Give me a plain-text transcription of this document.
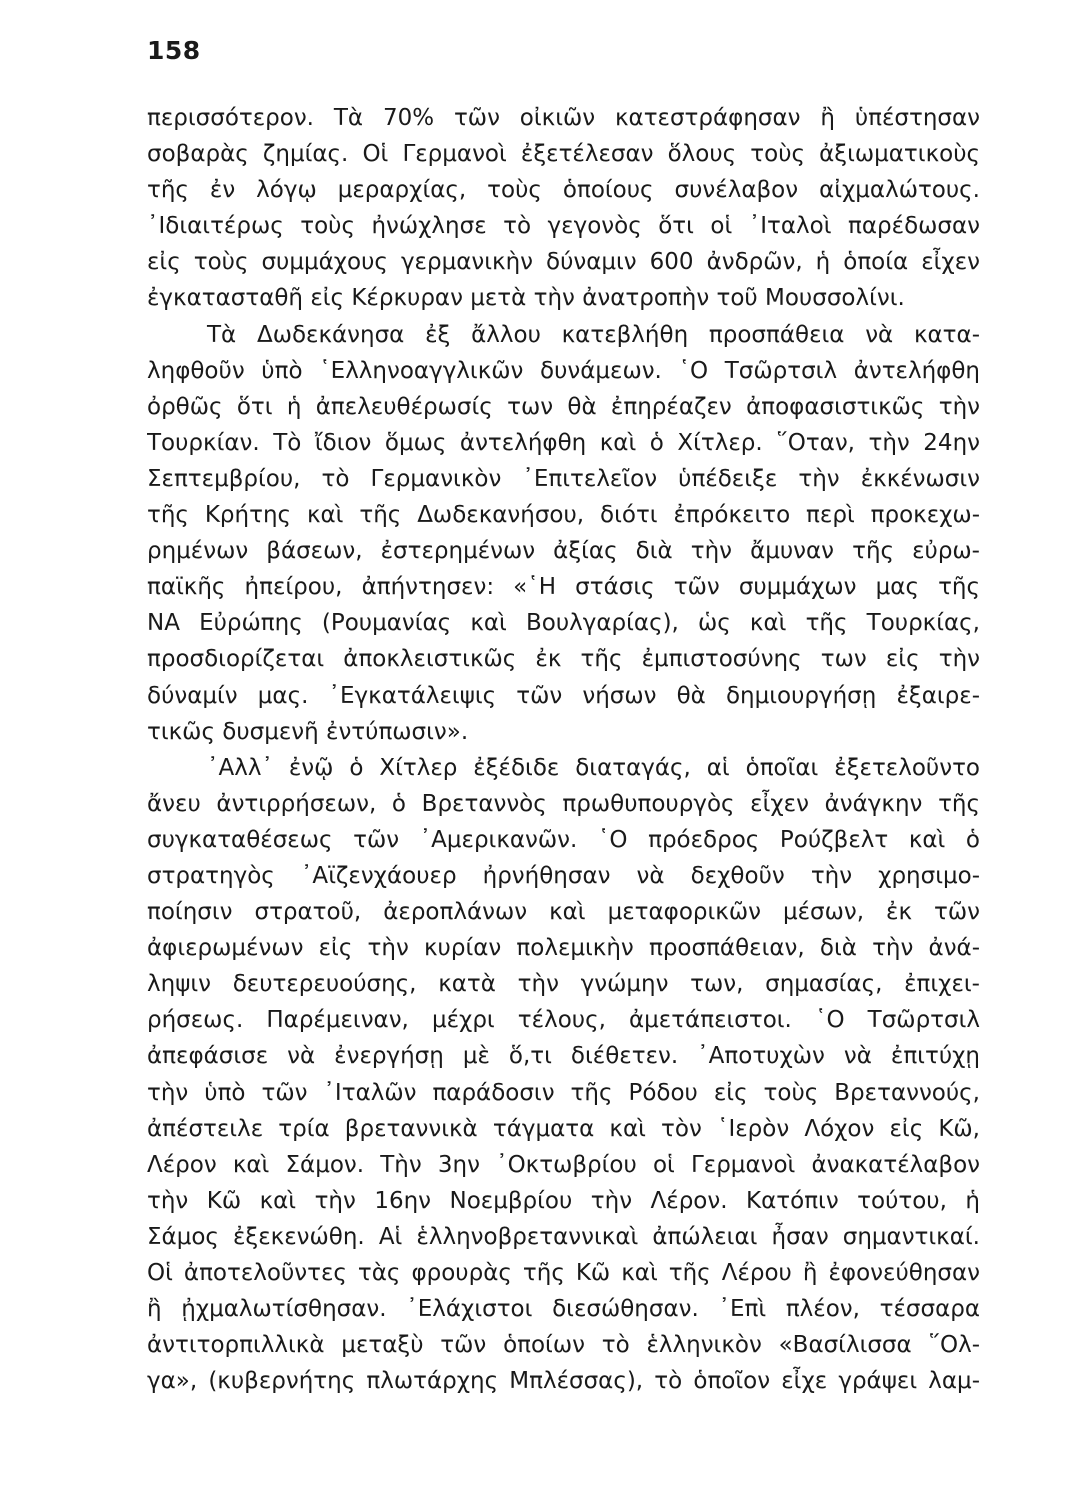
158
περισσότερον. Τὰ 70% τῶν οἰκιῶν κατεστράφησαν ἢ ὑπέστησαν
σοβαρὰς ζημίας. Οἱ Γερμανοὶ ἐξετέλεσαν ὅλους τοὺς ἀξιωματικοὺς
τῆς ἐν λόγῳ μεραρχίας, τοὺς ὁποίους συνέλαβον αἰχμαλώτους.
᾿Ιδιαιτέρως τοὺς ἠνώχλησε τὸ γεγονὸς ὅτι οἱ ᾿Ιταλοὶ παρέδωσαν
εἰς τοὺς συμμάχους γερμανικὴν δύναμιν 600 ἀνδρῶν, ἡ ὁποία εἶχεν
ἐγκατασταθῆ εἰς Κέρκυραν μετὰ τὴν ἀνατροπὴν τοῦ Μουσσολίνι.
Τὰ Δωδεκάνησα ἐξ ἄλλου κατεβλήθη προσπάθεια νὰ κατα-
ληφθοῦν ὑπὸ ῾Ελληνοαγγλικῶν δυνάμεων. ῾Ο Τσῶρτσιλ ἀντελήφθη
ὀρθῶς ὅτι ἡ ἀπελευθέρωσίς των θὰ ἐπηρέαζεν ἀποφασιστικῶς τὴν
Τουρκίαν. Τὸ ἴδιον ὅμως ἀντελήφθη καὶ ὁ Χίτλερ. ῞Οταν, τὴν 24ην
Σεπτεμβρίου, τὸ Γερμανικὸν ᾿Επιτελεῖον ὑπέδειξε τὴν ἐκκένωσιν
τῆς Κρήτης καὶ τῆς Δωδεκανήσου, διότι ἐπρόκειτο περὶ προκεχω-
ρημένων βάσεων, ἐστερημένων ἀξίας διὰ τὴν ἄμυναν τῆς εὐρω-
παϊκῆς ἠπείρου, ἀπήντησεν: «῾Η στάσις τῶν συμμάχων μας τῆς
ΝΑ Εὐρώπης (Ρουμανίας καὶ Βουλγαρίας), ὡς καὶ τῆς Τουρκίας,
προσδιορίζεται ἀποκλειστικῶς ἐκ τῆς ἐμπιστοσύνης των εἰς τὴν
δύναμίν μας. ᾿Εγκατάλειψις τῶν νήσων θὰ δημιουργήσῃ ἐξαιρε-
τικῶς δυσμενῆ ἐντύπωσιν».
᾿Αλλ᾿ ἐνῷ ὁ Χίτλερ ἐξέδιδε διαταγάς, αἱ ὁποῖαι ἐξετελοῦντο
ἄνευ ἀντιρρήσεων, ὁ Βρεταννὸς πρωθυπουργὸς εἶχεν ἀνάγκην τῆς
συγκαταθέσεως τῶν ᾿Αμερικανῶν. ῾Ο πρόεδρος Ρούζβελτ καὶ ὁ
στρατηγὸς ᾿Αϊζενχάουερ ἠρνήθησαν νὰ δεχθοῦν τὴν χρησιμο-
ποίησιν στρατοῦ, ἀεροπλάνων καὶ μεταφορικῶν μέσων, ἐκ τῶν
ἀφιερωμένων εἰς τὴν κυρίαν πολεμικὴν προσπάθειαν, διὰ τὴν ἀνά-
ληψιν δευτερευούσης, κατὰ τὴν γνώμην των, σημασίας, ἐπιχει-
ρήσεως. Παρέμειναν, μέχρι τέλους, ἀμετάπειστοι. ῾Ο Τσῶρτσιλ
ἀπεφάσισε νὰ ἐνεργήσῃ μὲ ὅ,τι διέθετεν. ᾿Αποτυχὼν νὰ ἐπιτύχῃ
τὴν ὑπὸ τῶν ᾿Ιταλῶν παράδοσιν τῆς Ρόδου εἰς τοὺς Βρεταννούς,
ἀπέστειλε τρία βρεταννικὰ τάγματα καὶ τὸν ῾Ιερὸν Λόχον εἰς Κῶ,
Λέρον καὶ Σάμον. Τὴν 3ην ᾿Οκτωβρίου οἱ Γερμανοὶ ἀνακατέλαβον
τὴν Κῶ καὶ τὴν 16ην Νοεμβρίου τὴν Λέρον. Κατόπιν τούτου, ἡ
Σάμος ἐξεκενώθη. Αἱ ἑλληνοβρεταννικαὶ ἀπώλειαι ἦσαν σημαντικαί.
Οἱ ἀποτελοῦντες τὰς φρουρὰς τῆς Κῶ καὶ τῆς Λέρου ἢ ἐφονεύθησαν
ἢ ᾐχμαλωτίσθησαν. ᾿Ελάχιστοι διεσώθησαν. ᾿Επὶ πλέον, τέσσαρα
ἀντιτορπιλλικὰ μεταξὺ τῶν ὁποίων τὸ ἑλληνικὸν «Βασίλισσα ῞Ολ-
γα», (κυβερνήτης πλωτάρχης Μπλέσσας), τὸ ὁποῖον εἶχε γράψει λαμ-
